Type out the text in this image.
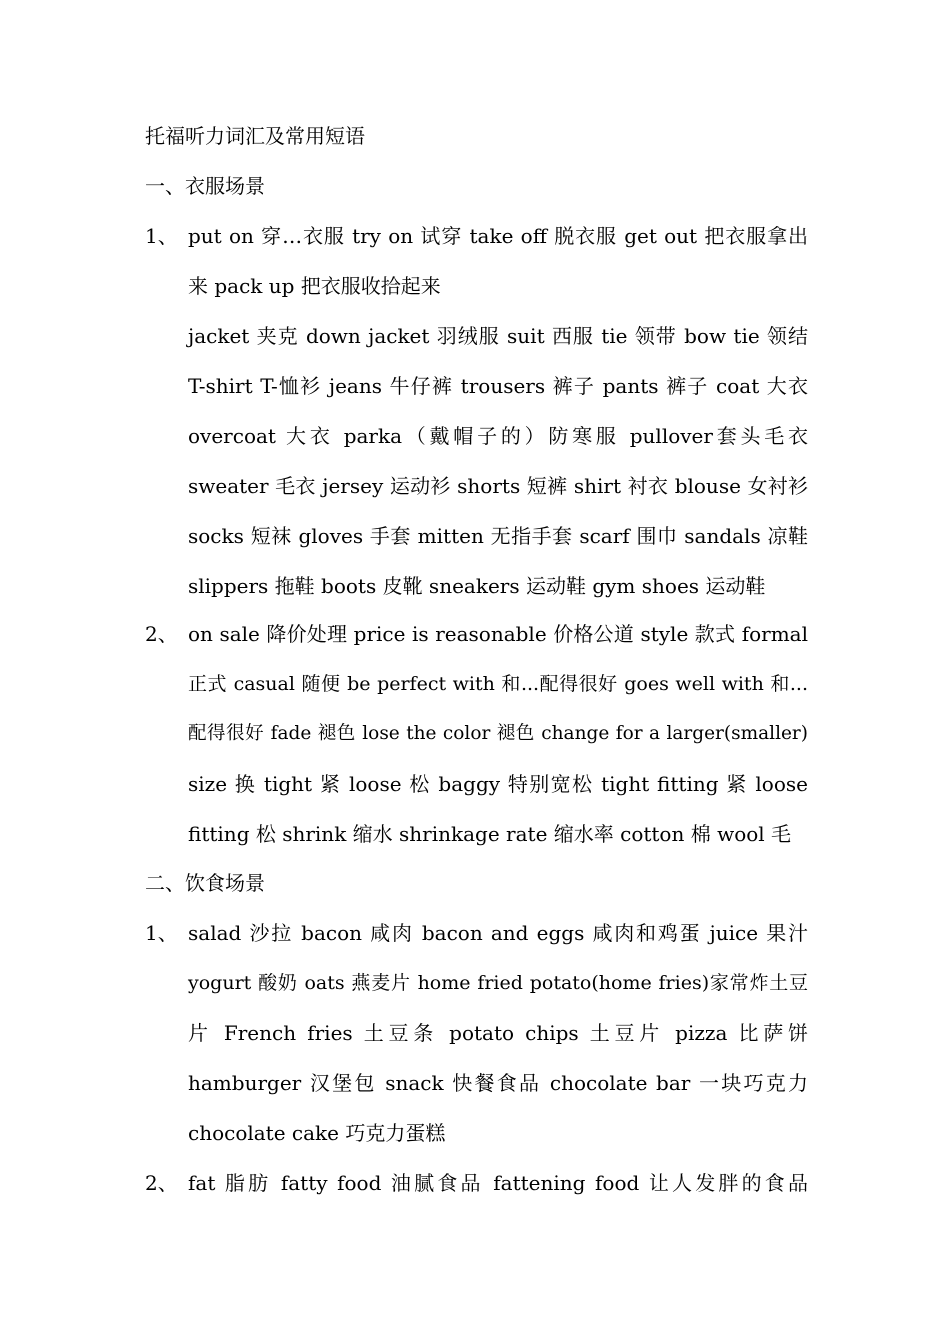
托福听力词汇及常用短语
一、衣服场景
1、 put on 穿…衣服 try on 试穿 take off 脱衣服 get out 把衣服拿出

来 pack up 把衣服收拾起来

jacket 夹克 down jacket 羽绒服 suit 西服 tie 领带 bow tie 领结

T-shirt T-恤衫 jeans 牛仔裤 trousers 裤子 pants 裤子 coat 大衣

overcoat 大衣 parka（戴帽子的）防寒服 pullover套头毛衣

sweater 毛衣 jersey 运动衫 shorts 短裤 shirt 衬衣 blouse 女衬衫

socks 短袜 gloves 手套 mitten 无指手套 scarf 围巾 sandals 凉鞋

slippers 拖鞋 boots 皮靴 sneakers 运动鞋 gym shoes 运动鞋

2、 on sale 降价处理 price is reasonable 价格公道 style 款式 formal

正式 casual 随便 be perfect with 和...配得很好 goes well with 和...

配得很好 fade 褪色 lose the color 褪色 change for a larger(smaller)

size 换 tight 紧 loose 松 baggy 特别宽松 tight fitting 紧 loose

fitting 松 shrink 缩水 shrinkage rate 缩水率 cotton 棉 wool 毛

二、饮食场景
1、 salad 沙拉 bacon 咸肉 bacon and eggs 咸肉和鸡蛋 juice 果汁

yogurt 酸奶 oats 燕麦片 home fried potato(home fries)家常炸土豆

片 French fries 土豆条 potato chips 土豆片 pizza 比萨饼

hamburger 汉堡包 snack 快餐食品 chocolate bar 一块巧克力

chocolate cake 巧克力蛋糕

2、 fat 脂肪 fatty food 油腻食品 fattening food 让人发胖的食品
